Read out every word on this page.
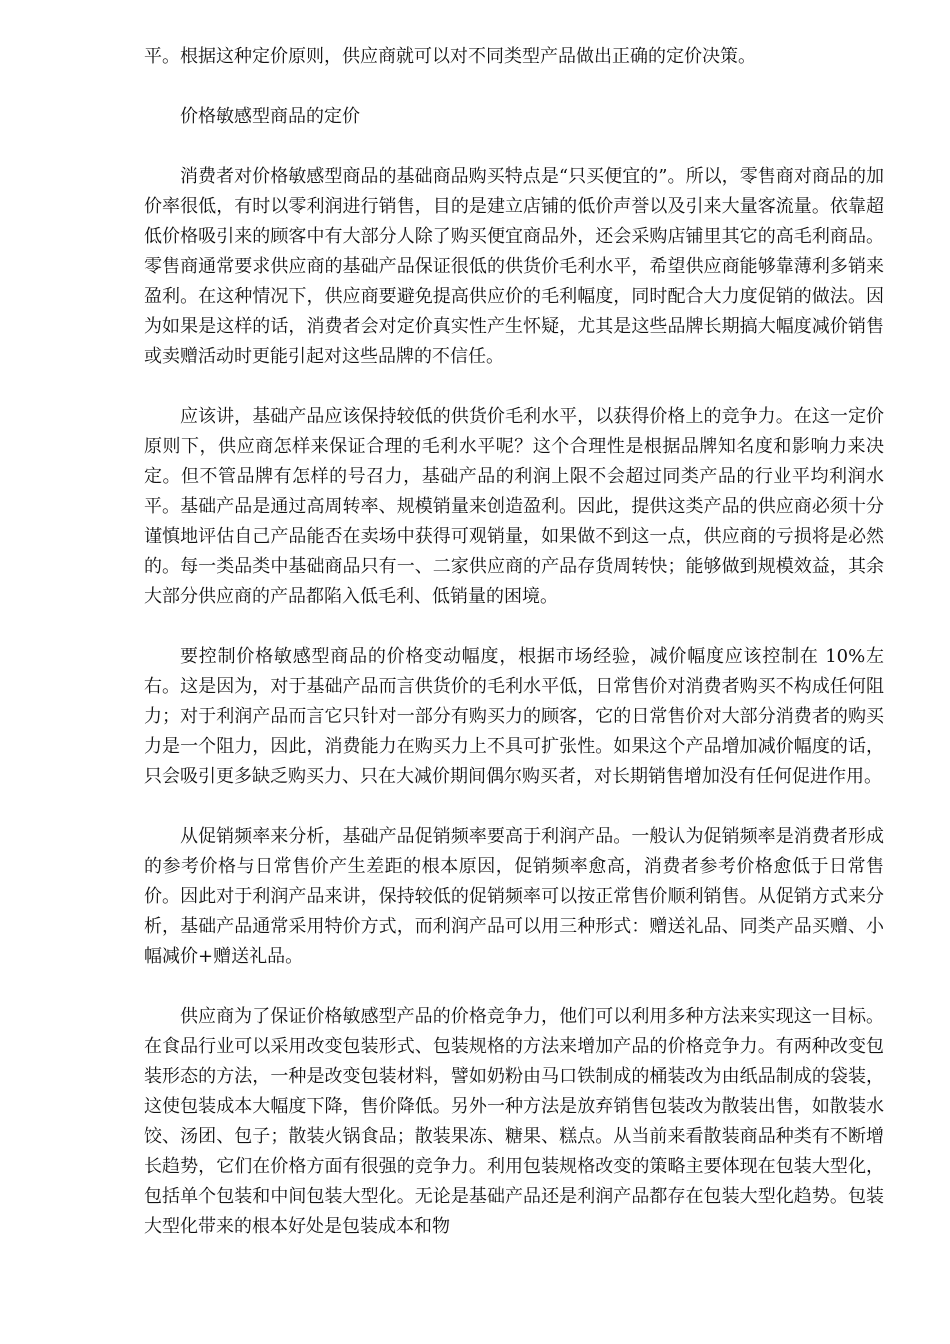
平。根据这种定价原则，供应商就可以对不同类型产品做出正确的定价决策。

价格敏感型商品的定价

消费者对价格敏感型商品的基础商品购买特点是“只买便宜的”。所以，零售商对商品的加价率很低，有时以零利润进行销售，目的是建立店铺的低价声誉以及引来大量客流量。依靠超低价格吸引来的顾客中有大部分人除了购买便宜商品外，还会采购店铺里其它的高毛利商品。零售商通常要求供应商的基础产品保证很低的供货价毛利水平，希望供应商能够靠薄利多销来盈利。在这种情况下，供应商要避免提高供应价的毛利幅度，同时配合大力度促销的做法。因为如果是这样的话，消费者会对定价真实性产生怀疑，尤其是这些品牌长期搞大幅度减价销售或卖赠活动时更能引起对这些品牌的不信任。

应该讲，基础产品应该保持较低的供货价毛利水平，以获得价格上的竞争力。在这一定价原则下，供应商怎样来保证合理的毛利水平呢？这个合理性是根据品牌知名度和影响力来决定。但不管品牌有怎样的号召力，基础产品的利润上限不会超过同类产品的行业平均利润水平。基础产品是通过高周转率、规模销量来创造盈利。因此，提供这类产品的供应商必须十分谨慎地评估自己产品能否在卖场中获得可观销量，如果做不到这一点，供应商的亏损将是必然的。每一类品类中基础商品只有一、二家供应商的产品存货周转快；能够做到规模效益，其余大部分供应商的产品都陷入低毛利、低销量的困境。

要控制价格敏感型商品的价格变动幅度，根据市场经验，减价幅度应该控制在 10%左右。这是因为，对于基础产品而言供货价的毛利水平低，日常售价对消费者购买不构成任何阻力；对于利润产品而言它只针对一部分有购买力的顾客，它的日常售价对大部分消费者的购买力是一个阻力，因此，消费能力在购买力上不具可扩张性。如果这个产品增加减价幅度的话，只会吸引更多缺乏购买力、只在大减价期间偶尔购买者，对长期销售增加没有任何促进作用。

从促销频率来分析，基础产品促销频率要高于利润产品。一般认为促销频率是消费者形成的参考价格与日常售价产生差距的根本原因，促销频率愈高，消费者参考价格愈低于日常售价。因此对于利润产品来讲，保持较低的促销频率可以按正常售价顺利销售。从促销方式来分析，基础产品通常采用特价方式，而利润产品可以用三种形式：赠送礼品、同类产品买赠、小幅减价+赠送礼品。

供应商为了保证价格敏感型产品的价格竞争力，他们可以利用多种方法来实现这一目标。在食品行业可以采用改变包装形式、包装规格的方法来增加产品的价格竞争力。有两种改变包装形态的方法，一种是改变包装材料，譬如奶粉由马口铁制成的桶装改为由纸品制成的袋装，这使包装成本大幅度下降，售价降低。另外一种方法是放弃销售包装改为散装出售，如散装水饺、汤团、包子；散装火锅食品；散装果冻、糖果、糕点。从当前来看散装商品种类有不断增长趋势，它们在价格方面有很强的竞争力。利用包装规格改变的策略主要体现在包装大型化，包括单个包装和中间包装大型化。无论是基础产品还是利润产品都存在包装大型化趋势。包装大型化带来的根本好处是包装成本和物
